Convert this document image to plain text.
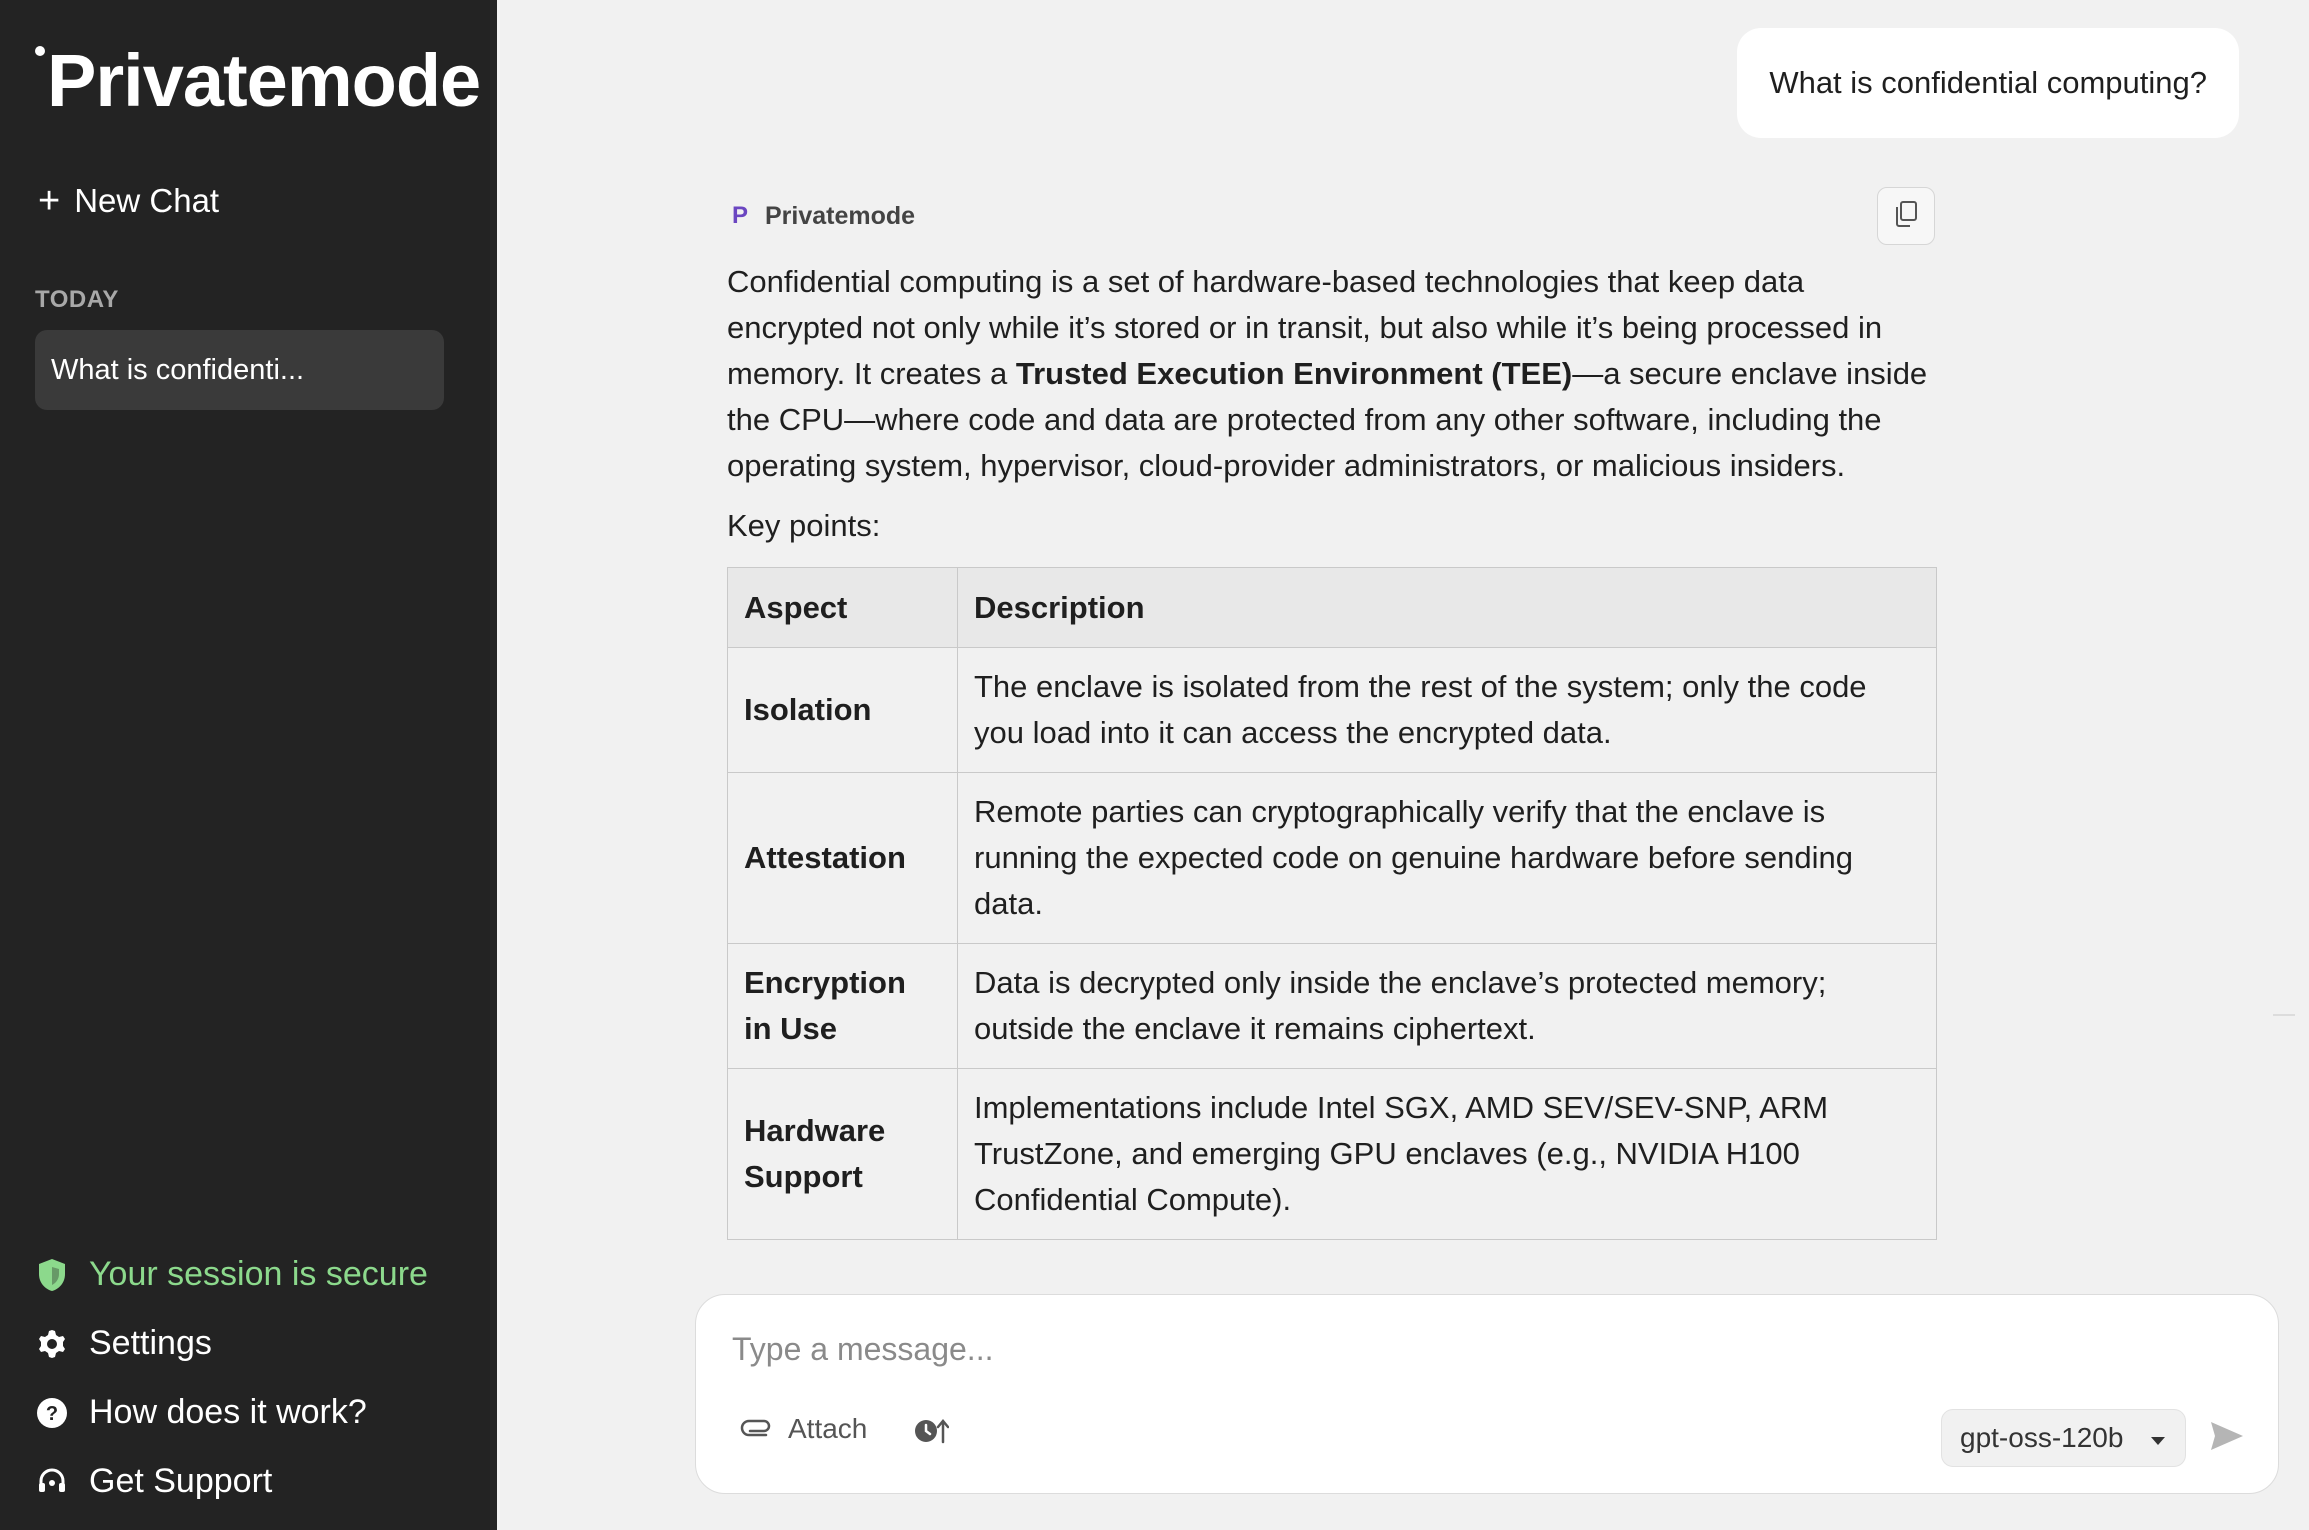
Privatemode
+ New Chat
TODAY
What is confidenti...
Your session is secure
Settings
? How does it work?
Get Support
What is confidential computing?
P Privatemode

Confidential computing is a set of hardware-based technologies that keep data encrypted not only while it’s stored or in transit, but also while it’s being processed in memory. It creates a Trusted Execution Environment (TEE)—a secure enclave inside the CPU—where code and data are protected from any other software, including the operating system, hypervisor, cloud-provider administrators, or malicious insiders.

Key points:

Aspect	Description
Isolation	The enclave is isolated from the rest of the system; only the code you load into it can access the encrypted data.
Attestation	Remote parties can cryptographically verify that the enclave is running the expected code on genuine hardware before sending data.
Encryption in Use	Data is decrypted only inside the enclave’s protected memory; outside the enclave it remains ciphertext.
Hardware Support	Implementations include Intel SGX, AMD SEV/SEV-SNP, ARM TrustZone, and emerging GPU enclaves (e.g., NVIDIA H100 Confidential Compute).
Type a message...
Attach	gpt-oss-120b
